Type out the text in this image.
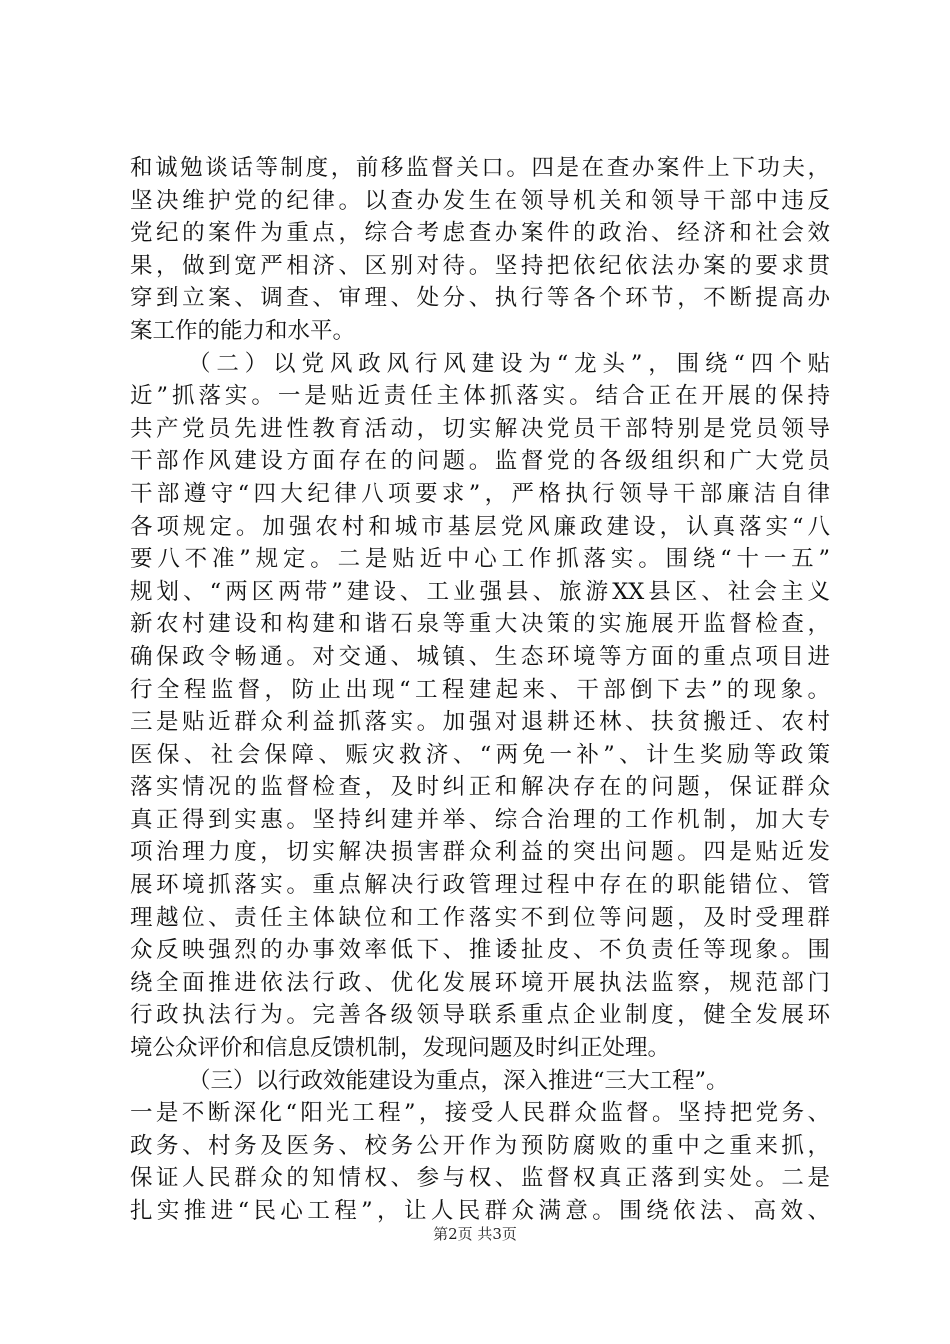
和诚勉谈话等制度，前移监督关口。四是在查办案件上下功夫，
坚决维护党的纪律。以查办发生在领导机关和领导干部中违反
党纪的案件为重点，综合考虑查办案件的政治、经济和社会效
果，做到宽严相济、区别对待。坚持把依纪依法办案的要求贯
穿到立案、调查、审理、处分、执行等各个环节，不断提高办
案工作的能力和水平。
（二）以党风政风行风建设为“龙头”，围绕“四个贴
近”抓落实。一是贴近责任主体抓落实。结合正在开展的保持
共产党员先进性教育活动，切实解决党员干部特别是党员领导
干部作风建设方面存在的问题。监督党的各级组织和广大党员
干部遵守“四大纪律八项要求”，严格执行领导干部廉洁自律
各项规定。加强农村和城市基层党风廉政建设，认真落实“八
要八不准”规定。二是贴近中心工作抓落实。围绕“十一五”
规划、“两区两带”建设、工业强县、旅游XX县区、社会主义
新农村建设和构建和谐石泉等重大决策的实施展开监督检查，
确保政令畅通。对交通、城镇、生态环境等方面的重点项目进
行全程监督，防止出现“工程建起来、干部倒下去”的现象。
三是贴近群众利益抓落实。加强对退耕还林、扶贫搬迁、农村
医保、社会保障、赈灾救济、“两免一补”、计生奖励等政策
落实情况的监督检查，及时纠正和解决存在的问题，保证群众
真正得到实惠。坚持纠建并举、综合治理的工作机制，加大专
项治理力度，切实解决损害群众利益的突出问题。四是贴近发
展环境抓落实。重点解决行政管理过程中存在的职能错位、管
理越位、责任主体缺位和工作落实不到位等问题，及时受理群
众反映强烈的办事效率低下、推诿扯皮、不负责任等现象。围
绕全面推进依法行政、优化发展环境开展执法监察，规范部门
行政执法行为。完善各级领导联系重点企业制度，健全发展环
境公众评价和信息反馈机制，发现问题及时纠正处理。
（三）以行政效能建设为重点，深入推进“三大工程”。
一是不断深化“阳光工程”，接受人民群众监督。坚持把党务、
政务、村务及医务、校务公开作为预防腐败的重中之重来抓，
保证人民群众的知情权、参与权、监督权真正落到实处。二是
扎实推进“民心工程”，让人民群众满意。围绕依法、高效、
第2页 共3页
